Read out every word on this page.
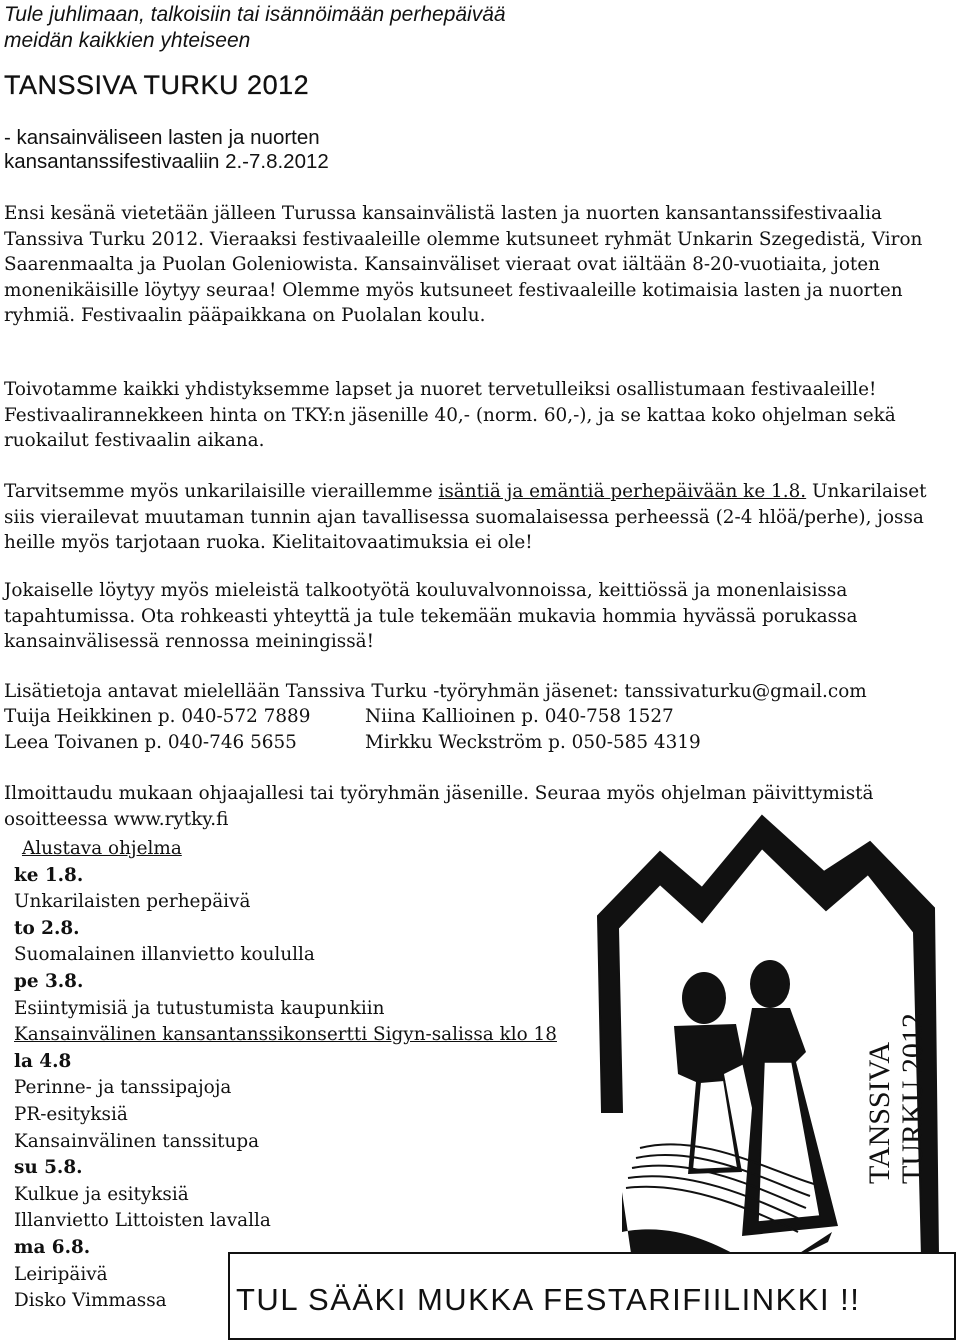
Tule juhlimaan, talkoisiin tai isännöimään perhepäivää
meidän kaikkien yhteiseen
TANSSIVA TURKU 2012
- kansainväliseen lasten ja nuorten
kansantanssifestivaaliin 2.-7.8.2012

Ensi kesänä vietetään jälleen Turussa kansainvälistä lasten ja nuorten kansantanssifestivaalia Tanssiva Turku 2012. Vieraaksi festivaaleille olemme kutsuneet ryhmät Unkarin Szegedistä, Viron Saarenmaalta ja Puolan Goleniowista. Kansainväliset vieraat ovat iältään 8-20-vuotiaita, joten monenikäisille löytyy seuraa! Olemme myös kutsuneet festivaaleille kotimaisia lasten ja nuorten ryhmiä. Festivaalin pääpaikkana on Puolalan koulu.

Toivotamme kaikki yhdistyksemme lapset ja nuoret tervetulleiksi osallistumaan festivaaleille! Festivaalirannekkeen hinta on TKY:n jäsenille 40,- (norm. 60,-), ja se kattaa koko ohjelman sekä ruokailut festivaalin aikana.

Tarvitsemme myös unkarilaisille vieraillemme isäntiä ja emäntiä perhepäivään ke 1.8. Unkarilaiset siis vierailevat muutaman tunnin ajan tavallisessa suomalaisessa perheessä (2-4 hlöä/perhe), jossa heille myös tarjotaan ruoka. Kielitaitovaatimuksia ei ole!

Jokaiselle löytyy myös mieleistä talkootyötä kouluvalvonnoissa, keittiössä ja monenlaisissa tapahtumissa. Ota rohkeasti yhteyttä ja tule tekemään mukavia hommia hyvässä porukassa kansainvälisessä rennossa meiningissä!

Lisätietoja antavat mielellään Tanssiva Turku -työryhmän jäsenet: tanssivaturku@gmail.com

Tuija Heikkinen p. 040-572 7889	Niina Kallioinen p. 040-758 1527
Leea Toivanen p. 040-746 5655	Mirkku Weckström p. 050-585 4319

Ilmoittaudu mukaan ohjaajallesi tai työryhmän jäsenille. Seuraa myös ohjelman päivittymistä osoitteessa www.rytky.fi

Alustava ohjelma
ke 1.8.
Unkarilaisten perhepäivä
to 2.8.
Suomalainen illanvietto koululla
pe 3.8.
Esiintymisiä ja tutustumista kaupunkiin
Kansainvälinen kansantanssikonsertti Sigyn-salissa klo 18
la 4.8
Perinne- ja tanssipajoja
PR-esityksiä
Kansainvälinen tanssitupa
su 5.8.
Kulkue ja esityksiä
Illanvietto Littoisten lavalla
ma 6.8.
Leiripäivä
Disko Vimmassa
TANSSIVA TURKU 2012
TUL SÄÄKI MUKKA FESTARIFIILINKKI !!
